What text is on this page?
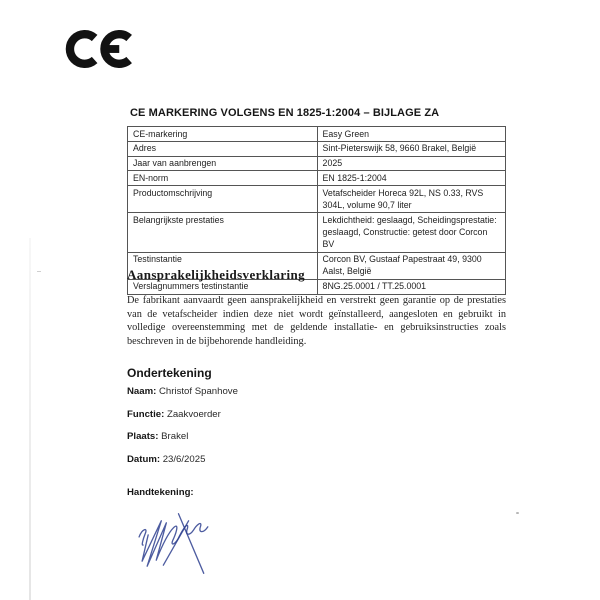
CE MARKERING VOLGENS EN 1825-1:2004 – BIJLAGE ZA
CE-markering	Easy Green
Adres	Sint-Pieterswijk 58, 9660 Brakel, België
Jaar van aanbrengen	2025
EN-norm	EN 1825-1:2004
Productomschrijving	Vetafscheider Horeca 92L, NS 0.33, RVS 304L, volume 90,7 liter
Belangrijkste prestaties	Lekdichtheid: geslaagd, Scheidingsprestatie: geslaagd, Constructie: getest door Corcon BV
Testinstantie	Corcon BV, Gustaaf Papestraat 49, 9300 Aalst, België
Verslagnummers testinstantie	8NG.25.0001 / TT.25.0001
Aansprakelijkheidsverklaring

De fabrikant aanvaardt geen aansprakelijkheid en verstrekt geen garantie op de prestaties van de vetafscheider indien deze niet wordt geïnstalleerd, aangesloten en gebruikt in volledige overeenstemming met de geldende installatie- en gebruiksinstructies zoals beschreven in de bijbehorende handleiding.

Ondertekening
Naam: Christof Spanhove
Functie: Zaakvoerder
Plaats: Brakel
Datum: 23/6/2025
Handtekening:
